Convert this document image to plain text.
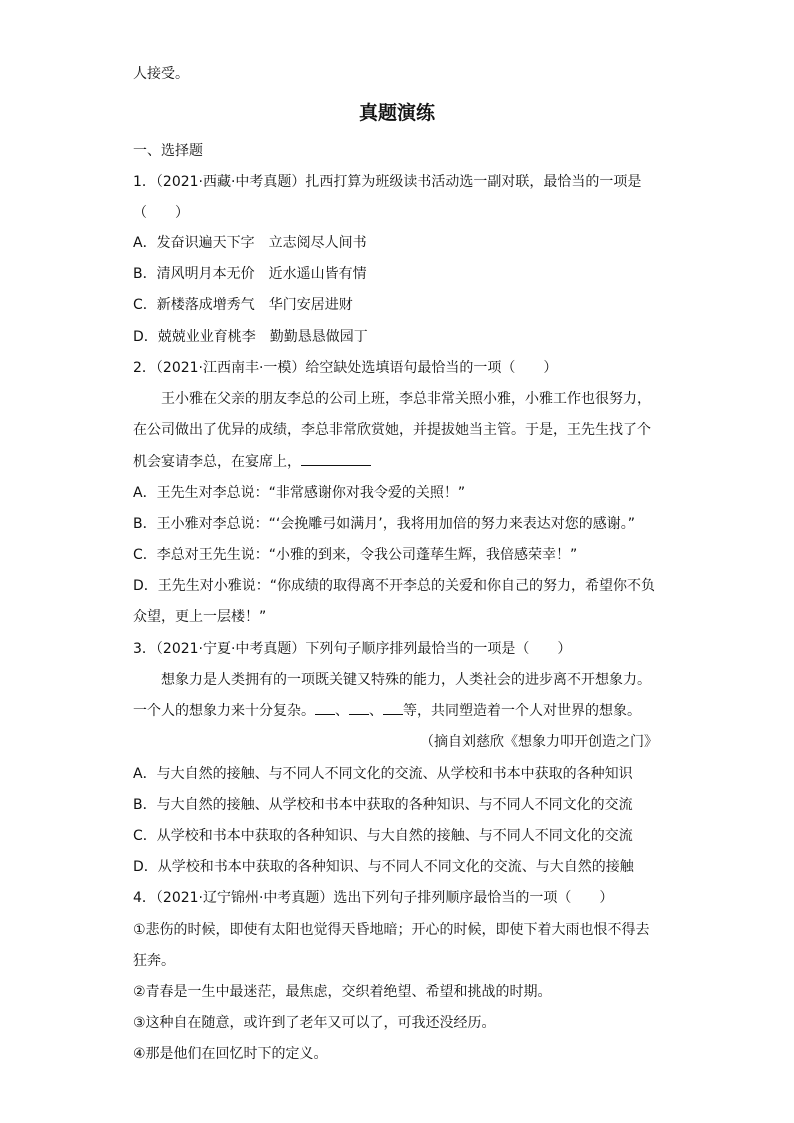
人接受。
真题演练
一、选择题
1．（2021·西藏·中考真题）扎西打算为班级读书活动选一副对联，最恰当的一项是
（　　）
A．发奋识遍天下字　立志阅尽人间书
B．清风明月本无价　近水遥山皆有情
C．新楼落成增秀气　华门安居进财
D．兢兢业业育桃李　勤勤恳恳做园丁
2．（2021·江西南丰·一模）给空缺处选填语句最恰当的一项（　　）
王小雅在父亲的朋友李总的公司上班，李总非常关照小雅，小雅工作也很努力，
在公司做出了优异的成绩，李总非常欣赏她，并提拔她当主管。于是，王先生找了个
机会宴请李总，在宴席上，
A．王先生对李总说：“非常感谢你对我令爱的关照！”
B．王小雅对李总说：“‘会挽雕弓如满月’，我将用加倍的努力来表达对您的感谢。”
C．李总对王先生说：“小雅的到来，令我公司蓬荜生辉，我倍感荣幸！”
D．王先生对小雅说：“你成绩的取得离不开李总的关爱和你自己的努力，希望你不负
众望，更上一层楼！”
3．（2021·宁夏·中考真题）下列句子顺序排列最恰当的一项是（　　）
想象力是人类拥有的一项既关键又特殊的能力，人类社会的进步离不开想象力。
一个人的想象力来十分复杂。 、 、 等，共同塑造着一个人对世界的想象。
（摘自刘慈欣《想象力叩开创造之门》
A．与大自然的接触、与不同人不同文化的交流、从学校和书本中获取的各种知识
B．与大自然的接触、从学校和书本中获取的各种知识、与不同人不同文化的交流
C．从学校和书本中获取的各种知识、与大自然的接触、与不同人不同文化的交流
D．从学校和书本中获取的各种知识、与不同人不同文化的交流、与大自然的接触
4．（2021·辽宁锦州·中考真题）选出下列句子排列顺序最恰当的一项（　　）
①悲伤的时候，即使有太阳也觉得天昏地暗；开心的时候，即使下着大雨也恨不得去
狂奔。
②青春是一生中最迷茫，最焦虑，交织着绝望、希望和挑战的时期。
③这种自在随意，或许到了老年又可以了，可我还没经历。
④那是他们在回忆时下的定义。
